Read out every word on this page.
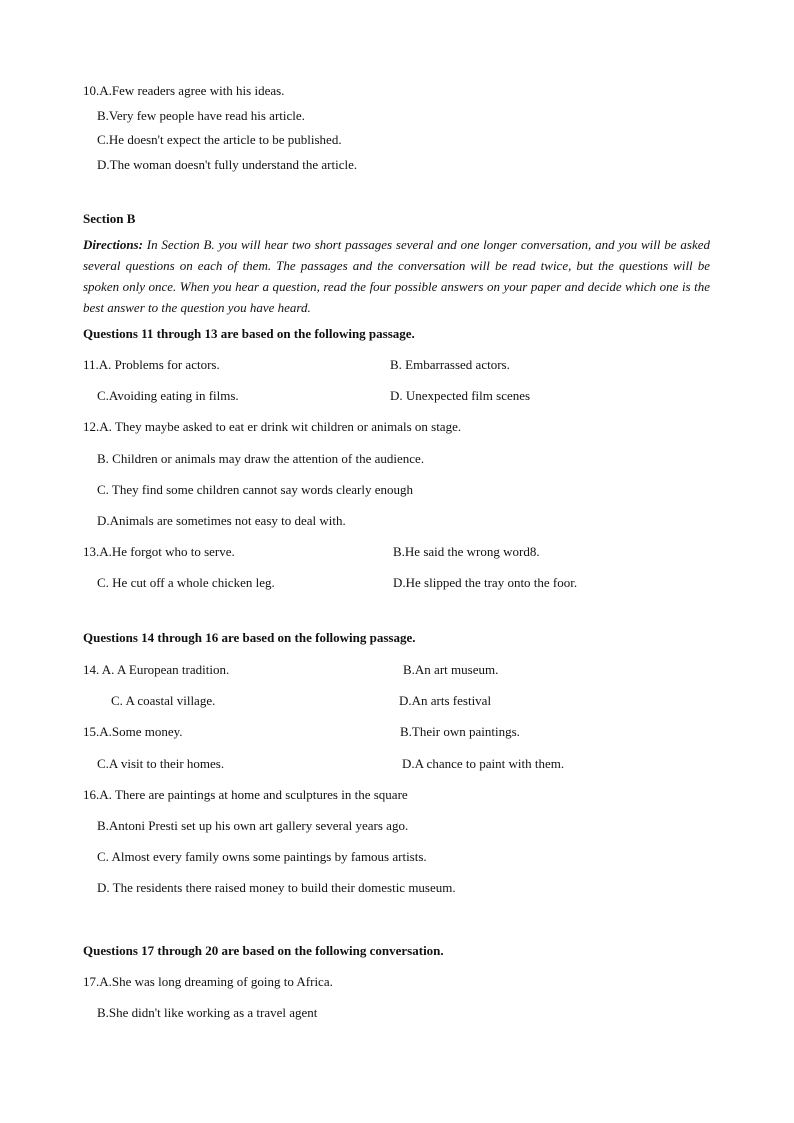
10.A.Few readers agree with his ideas.
B.Very few people have read his article.
C.He doesn't expect the article to be published.
D.The woman doesn't fully understand the article.
Section B
Directions: In Section B. you will hear two short passages several and one longer conversation, and you will be asked several questions on each of them. The passages and the conversation will be read twice, but the questions will be spoken only once. When you hear a question, read the four possible answers on your paper and decide which one is the best answer to the question you have heard.
Questions 11 through 13 are based on the following passage.
11.A. Problems for actors.	B. Embarrassed actors.
C.Avoiding eating in films.	D. Unexpected film scenes
12.A. They maybe asked to eat er drink wit children or animals on stage.
B. Children or animals may draw the attention of the audience.
C. They find some children cannot say words clearly enough
D.Animals are sometimes not easy to deal with.
13.A.He forgot who to serve.	B.He said the wrong word8.
C. He cut off a whole chicken leg.	D.He slipped the tray onto the foor.
Questions 14 through 16 are based on the following passage.
14. A. A European tradition.	B.An art museum.
C. A coastal village.	D.An arts festival
15.A.Some money.	B.Their own paintings.
C.A visit to their homes.	D.A chance to paint with them.
16.A. There are paintings at home and sculptures in the square
B.Antoni Presti set up his own art gallery several years ago.
C. Almost every family owns some paintings by famous artists.
D. The residents there raised money to build their domestic museum.
Questions 17 through 20 are based on the following conversation.
17.A.She was long dreaming of going to Africa.
B.She didn't like working as a travel agent
